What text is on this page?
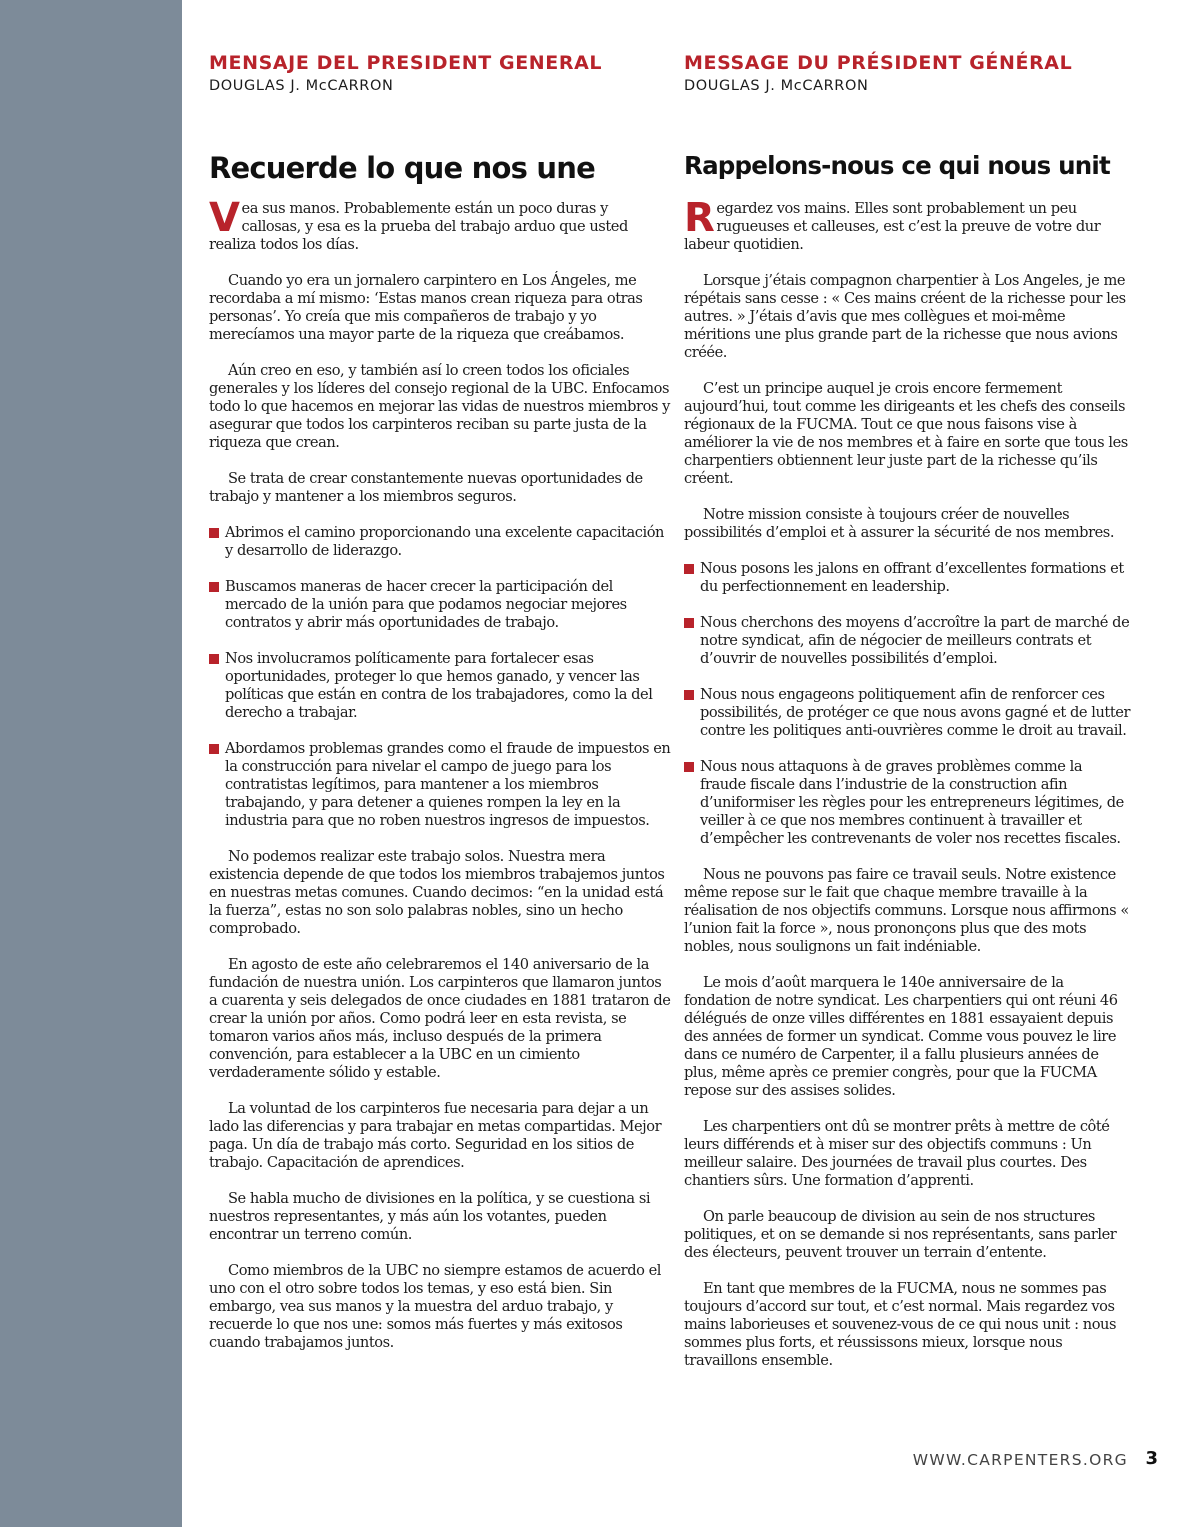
MENSAJE DEL PRESIDENT GENERAL
DOUGLAS J. McCARRON
Recuerde lo que nos une

Vea sus manos. Probablemente están un poco duras y callosas, y esa es la prueba del trabajo arduo que usted realiza todos los días.

Cuando yo era un jornalero carpintero en Los Ángeles, me recordaba a mí mismo: ‘Estas manos crean riqueza para otras personas’. Yo creía que mis compañeros de trabajo y yo merecíamos una mayor parte de la riqueza que creábamos.

Aún creo en eso, y también así lo creen todos los oficiales generales y los líderes del consejo regional de la UBC. Enfocamos todo lo que hacemos en mejorar las vidas de nuestros miembros y asegurar que todos los carpinteros reciban su parte justa de la riqueza que crean.

Se trata de crear constantemente nuevas oportunidades de trabajo y mantener a los miembros seguros.

Abrimos el camino proporcionando una excelente capacitación y desarrollo de liderazgo.
Buscamos maneras de hacer crecer la participación del mercado de la unión para que podamos negociar mejores contratos y abrir más oportunidades de trabajo.
Nos involucramos políticamente para fortalecer esas oportunidades, proteger lo que hemos ganado, y vencer las políticas que están en contra de los trabajadores, como la del derecho a trabajar.
Abordamos problemas grandes como el fraude de impuestos en la construcción para nivelar el campo de juego para los contratistas legítimos, para mantener a los miembros trabajando, y para detener a quienes rompen la ley en la industria para que no roben nuestros ingresos de impuestos.

No podemos realizar este trabajo solos. Nuestra mera existencia depende de que todos los miembros trabajemos juntos en nuestras metas comunes. Cuando decimos: “en la unidad está la fuerza”, estas no son solo palabras nobles, sino un hecho comprobado.

En agosto de este año celebraremos el 140 aniversario de la fundación de nuestra unión. Los carpinteros que llamaron juntos a cuarenta y seis delegados de once ciudades en 1881 trataron de crear la unión por años. Como podrá leer en esta revista, se tomaron varios años más, incluso después de la primera convención, para establecer a la UBC en un cimiento verdaderamente sólido y estable.

La voluntad de los carpinteros fue necesaria para dejar a un lado las diferencias y para trabajar en metas compartidas. Mejor paga. Un día de trabajo más corto. Seguridad en los sitios de trabajo. Capacitación de aprendices.

Se habla mucho de divisiones en la política, y se cuestiona si nuestros representantes, y más aún los votantes, pueden encontrar un terreno común.

Como miembros de la UBC no siempre estamos de acuerdo el uno con el otro sobre todos los temas, y eso está bien. Sin embargo, vea sus manos y la muestra del arduo trabajo, y recuerde lo que nos une: somos más fuertes y más exitosos cuando trabajamos juntos.

MESSAGE DU PRÉSIDENT GÉNÉRAL
DOUGLAS J. McCARRON
Rappelons-nous ce qui nous unit

Regardez vos mains. Elles sont probablement un peu rugueuses et calleuses, est c’est la preuve de votre dur labeur quotidien.

Lorsque j’étais compagnon charpentier à Los Angeles, je me répétais sans cesse : « Ces mains créent de la richesse pour les autres. » J’étais d’avis que mes collègues et moi-même méritions une plus grande part de la richesse que nous avions créée.

C’est un principe auquel je crois encore fermement aujourd’hui, tout comme les dirigeants et les chefs des conseils régionaux de la FUCMA. Tout ce que nous faisons vise à améliorer la vie de nos membres et à faire en sorte que tous les charpentiers obtiennent leur juste part de la richesse qu’ils créent.

Notre mission consiste à toujours créer de nouvelles possibilités d’emploi et à assurer la sécurité de nos membres.

Nous posons les jalons en offrant d’excellentes formations et du perfectionnement en leadership.
Nous cherchons des moyens d’accroître la part de marché de notre syndicat, afin de négocier de meilleurs contrats et d’ouvrir de nouvelles possibilités d’emploi.
Nous nous engageons politiquement afin de renforcer ces possibilités, de protéger ce que nous avons gagné et de lutter contre les politiques anti-ouvrières comme le droit au travail.
Nous nous attaquons à de graves problèmes comme la fraude fiscale dans l’industrie de la construction afin d’uniformiser les règles pour les entrepreneurs légitimes, de veiller à ce que nos membres continuent à travailler et d’empêcher les contrevenants de voler nos recettes fiscales.

Nous ne pouvons pas faire ce travail seuls. Notre existence même repose sur le fait que chaque membre travaille à la réalisation de nos objectifs communs. Lorsque nous affirmons « l’union fait la force », nous prononçons plus que des mots nobles, nous soulignons un fait indéniable.

Le mois d’août marquera le 140e anniversaire de la fondation de notre syndicat. Les charpentiers qui ont réuni 46 délégués de onze villes différentes en 1881 essayaient depuis des années de former un syndicat. Comme vous pouvez le lire dans ce numéro de Carpenter, il a fallu plusieurs années de plus, même après ce premier congrès, pour que la FUCMA repose sur des assises solides.

Les charpentiers ont dû se montrer prêts à mettre de côté leurs différends et à miser sur des objectifs communs : Un meilleur salaire. Des journées de travail plus courtes. Des chantiers sûrs. Une formation d’apprenti.

On parle beaucoup de division au sein de nos structures politiques, et on se demande si nos représentants, sans parler des électeurs, peuvent trouver un terrain d’entente.

En tant que membres de la FUCMA, nous ne sommes pas toujours d’accord sur tout, et c’est normal. Mais regardez vos mains laborieuses et souvenez-vous de ce qui nous unit : nous sommes plus forts, et réussissons mieux, lorsque nous travaillons ensemble.

WWW.CARPENTERS.ORG 3
